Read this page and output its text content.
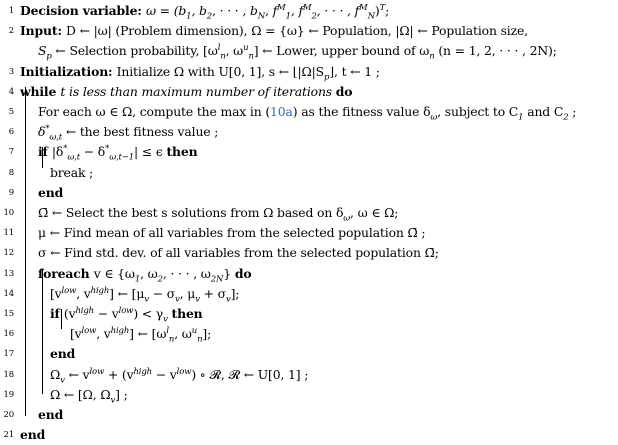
1 Decision variable: $\omega = (b_1$, $b_2$, · · · , $b_N$, $f^M_1$, $f^M_2$, · · · , $f^M_N)^T$;
2 Input: D ← |ω| (Problem dimension), Ω = {ω} ← Population, |Ω| ← Population size,
$S_p$ ← Selection probability, [$\omega^l_n$, $\omega^u_n$] ← Lower, upper bound of $\omega_n$ (n = 1, 2, · · · , 2N);
3 Initialization: Initialize Ω with U[0, 1], s ← $⌊|\Omega|S_p⌋$, t ← 1 ;
4 while t is less than maximum number of iterations do
5 For each ω ∈ Ω, compute the max in (10a) as the fitness value $\delta_\omega$, subject to $C_1$ and $C_2$ ;
6 $\delta^*_{\omega,t}$ ← the best fitness value ;
7 if $|\delta^*_{\omega,t} - \delta^*_{\omega,t-1}| \le \epsilon$ then
8	break ;
9 end
10 Ω̄ ← Select the best s solutions from Ω based on $\delta_\omega$, ω ∈ Ω;
11 μ ← Find mean of all variables from the selected population Ω̄ ;
12 σ ← Find std. dev. of all variables from the selected population Ω̄;
13 foreach v ∈ {$\omega_1$, $\omega_2$, · · · , $\omega_{2N}$} do
14	[$v^{low}$, $v^{high}$] ← [$\mu_v - \sigma_v$, $\mu_v + \sigma_v$];
15	if $(v^{high} - v^{low}) < \gamma_v$ then
16	[$v^{low}$, $v^{high}$] ← [$\omega^l_n$, $\omega^u_n$];
17	end
18	$\Omega_v$ ← $v^{low} + (v^{high} - v^{low})$ ∘ 𝓡, 𝓡 ← U[0, 1] ;
19	Ω ← [Ω, $\Omega_v$] ;
20 end
21 end
